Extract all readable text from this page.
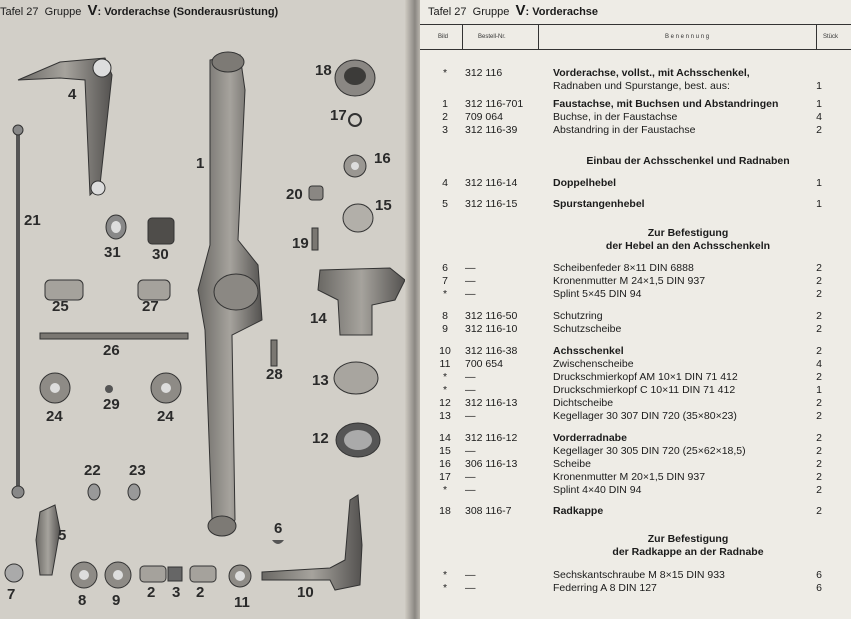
Tafel 27 Gruppe V: Vorderachse (Sonderausrüstung)
1
2 3
4
5	6
7	8 9	10
11
12
13
14
15
16
17
18
19
20
21
22 23
24	24
25
26
27
28
29
2
30
31
Tafel 27 Gruppe V: Vorderachse
Bild	Bestell-Nr.	B e n e n n u n g	Stück
*	312 116	Vorderachse, vollst., mit Achsschenkel,
Radnaben und Spurstange, best. aus:	1
1	312 116-701	Faustachse, mit Buchsen und Abstandringen	1
2	709 064	Buchse, in der Faustachse	4
3	312 116-39	Abstandring in der Faustachse	2
4	312 116-14	Doppelhebel	1
5	312 116-15	Spurstangenhebel	1
6	—	Scheibenfeder 8×11 DIN 6888	2
7	—	Kronenmutter M 24×1,5 DIN 937	2
*	—	Splint 5×45 DIN 94	2
8	312 116-50	Schutzring	2
9	312 116-10	Schutzscheibe	2
10	312 116-38	Achsschenkel	2
11	700 654	Zwischenscheibe	4
*	—	Druckschmierkopf AM 10×1 DIN 71 412	2
*	—	Druckschmierkopf C 10×11 DIN 71 412	1
12	312 116-13	Dichtscheibe	2
13	—	Kegellager 30 307 DIN 720 (35×80×23)	2
14	312 116-12	Vorderradnabe	2
15	—	Kegellager 30 305 DIN 720 (25×62×18,5)	2
16	306 116-13	Scheibe	2
17	—	Kronenmutter M 20×1,5 DIN 937	2
*	—	Splint 4×40 DIN 94	2
18	308 116-7	Radkappe	2
*	—	Sechskantschraube M 8×15 DIN 933	6
*	—	Federring A 8 DIN 127	6
Einbau der Achsschenkel und Radnaben
Zur Befestigung
der Hebel an den Achsschenkeln
Zur Befestigung
der Radkappe an der Radnabe
